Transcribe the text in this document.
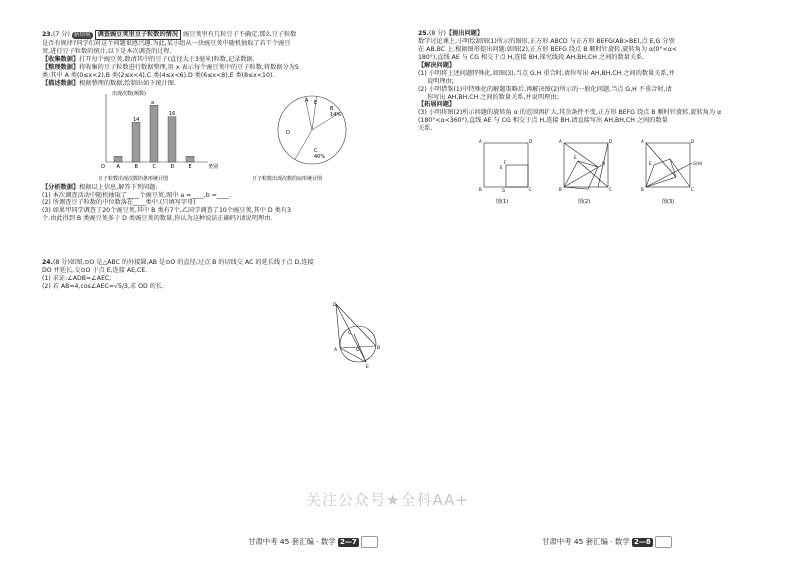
23.(7 分) 新情境 调查豌豆荚里豆子粒数的情况 豌豆荚里有几粒豆子不确定,那么豆子粒数

是否有规律?同学们对这个问题很感兴趣.为此,某小组从一块豌豆荚中随机抽取了若干个豌豆

荚,进行豆子粒数的统计,以下是本次调查的过程.

【收集数据】打开每个豌豆荚,数清其中的豆子(直径大于3毫米)粒数,记录数据.

【整理数据】将收集的豆子粒数进行数据整理,用 x 表示每个豌豆荚中的豆子粒数,将数据分为5

类:其中 A 类(0≤x<2),B 类(2≤x<4),C 类(4≤x<6),D 类(6≤x<8),E 类(8≤x<10).

【描述数据】根据整理的数据,绘制出如下统计图.

出现次数(频数)
类别
O A	B
14
C
a
D
16
E
豆子粒数出现次数的条形统计图
A E
B
14%
D
C
40%
豆子粒数出现次数的扇形统计图

【分析数据】根据以上信息,解答下列问题:

(1) 本次调查活动中随机抽取了____个豌豆荚,图中 a =____,b =____.

(2) 所调查豆子粒数的中位数落在____类中.(只填写字母)

(3) 如果甲同学调查了20个豌豆荚,其中 B 类有7个,乙同学调查了10个豌豆荚,其中 D 类有3

个.由此得到 B 类豌豆荚多于 D 类豌豆荚的数量,你认为这种说法正确吗?请说明理由.

24.(8 分)如图,⊙O 是△ABC 的外接圆,AB 是⊙O 的直径,过点 B 的切线交 AC 的延长线于点 D,连接

DO 并延长,交⊙O 于点 E,连接 AE,CE.

(1) 求证:∠ADB=∠AEC;

(2) 若 AB=4,cos∠AEC=√5/3,求 OD 的长.

D
C
A	O	B
E

25.(8 分)【提出问题】

数学讨论课上,小明绘制图(1)所示的图形,正方形 ABCD 与正方形 BEFG(AB>BE),点 E,G 分别

在 AB,BC 上.根据图形提出问题:如图(2),正方形 BEFG 绕点 B 顺时针旋转,旋转角为 α(0°<α<

180°),直线 AE 与 CG 相交于点 H,连接 BH,探究线段 AH,BH,CH 之间的数量关系.

【解决问题】

(1) 小明将上述问题特殊化,如图(3),当点 G,H 重合时,请你写出 AH,BH,CH 之间的数量关系,并

说明理由;

(2) 小明借鉴(1)中特殊化的解题策略后,再解决图(2)所示的一般化问题,当点 G,H 不重合时,请

你写出 AH,BH,CH 之间的数量关系,并说明理由;

【拓展问题】

(3) 小明将图(2)所示问题的旋转角 α 的范围再扩大,其余条件不变,正方形 BEFG 绕点 B 顺时针旋转,旋转角为 α

(180°<α<360°),直线 AE 与 CG 相交于点 H,连接 BH,请直接写出 AH,BH,CH 之间的数量

关系.

A	D
B	C
F
G
E
图(1)
A	D
B	C
E
H
图(2)
A	D
B	C
G(H)
E
图(3)
关注公众号★全科AA+
甘肃中考 45 套汇编 · 数学 2—7	甘肃中考 45 套汇编 · 数学 2—8
